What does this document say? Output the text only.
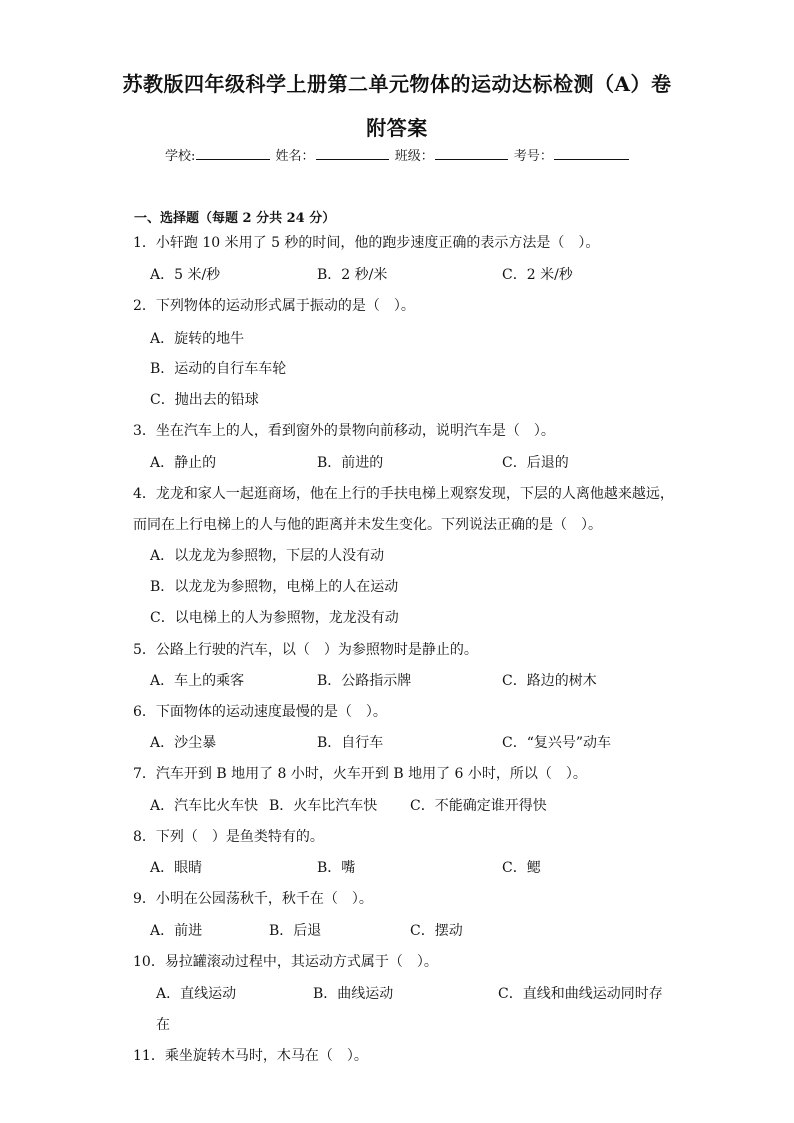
苏教版四年级科学上册第二单元物体的运动达标检测（A）卷
附答案
学校:	姓名：	班级：	考号：
一、选择题（每题 2 分共 24 分）
1．小轩跑 10 米用了 5 秒的时间，他的跑步速度正确的表示方法是（　）。
A．5 米/秒	B．2 秒/米	C．2 米/秒
2．下列物体的运动形式属于振动的是（　）。
A．旋转的地牛
B．运动的自行车车轮
C．抛出去的铅球
3．坐在汽车上的人，看到窗外的景物向前移动，说明汽车是（　）。
A．静止的	B．前进的	C．后退的
4．龙龙和家人一起逛商场，他在上行的手扶电梯上观察发现，下层的人离他越来越远，
而同在上行电梯上的人与他的距离并未发生变化。下列说法正确的是（　）。
A．以龙龙为参照物，下层的人没有动
B．以龙龙为参照物，电梯上的人在运动
C．以电梯上的人为参照物，龙龙没有动
5．公路上行驶的汽车，以（　）为参照物时是静止的。
A．车上的乘客	B．公路指示牌	C．路边的树木
6．下面物体的运动速度最慢的是（　）。
A．沙尘暴	B．自行车	C．“复兴号”动车
7．汽车开到 B 地用了 8 小时，火车开到 B 地用了 6 小时，所以（　）。
A．汽车比火车快 B．火车比汽车快 C．不能确定谁开得快
8．下列（　）是鱼类特有的。
A．眼睛	B．嘴	C．鳃
9．小明在公园荡秋千，秋千在（　）。
A．前进	B．后退	C．摆动
10．易拉罐滚动过程中，其运动方式属于（　）。
A．直线运动	B．曲线运动	C．直线和曲线运动同时存
在
11．乘坐旋转木马时，木马在（　）。
